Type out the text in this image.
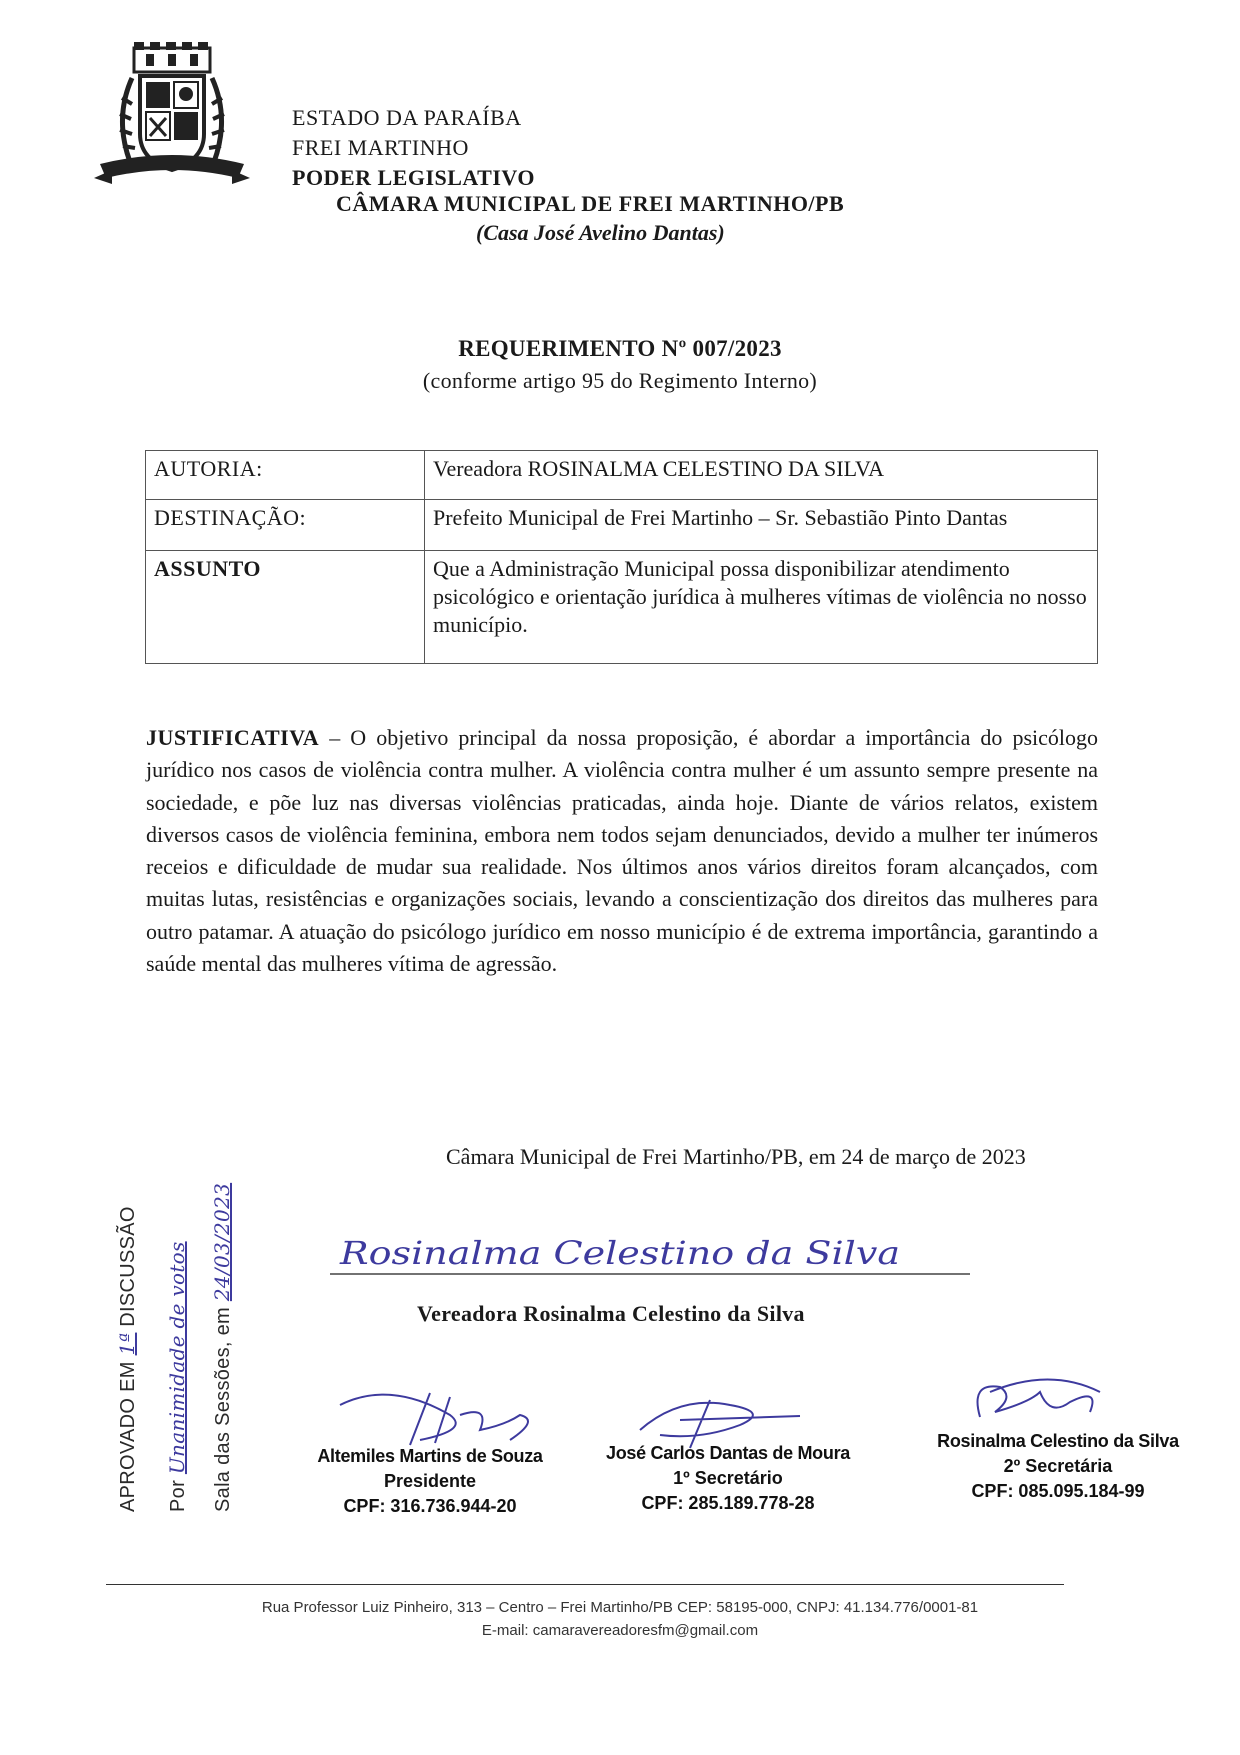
ESTADO DA PARAÍBA
FREI MARTINHO
PODER LEGISLATIVO
CÂMARA MUNICIPAL DE FREI MARTINHO/PB
(Casa José Avelino Dantas)
REQUERIMENTO Nº 007/2023
(conforme artigo 95 do Regimento Interno)
AUTORIA:	Vereadora ROSINALMA CELESTINO DA SILVA
DESTINAÇÃO:	Prefeito Municipal de Frei Martinho – Sr. Sebastião Pinto Dantas
ASSUNTO	Que a Administração Municipal possa disponibilizar atendimento psicológico e orientação jurídica à mulheres vítimas de violência no nosso município.
JUSTIFICATIVA – O objetivo principal da nossa proposição, é abordar a importância do psicólogo jurídico nos casos de violência contra mulher. A violência contra mulher é um assunto sempre presente na sociedade, e põe luz nas diversas violências praticadas, ainda hoje. Diante de vários relatos, existem diversos casos de violência feminina, embora nem todos sejam denunciados, devido a mulher ter inúmeros receios e dificuldade de mudar sua realidade. Nos últimos anos vários direitos foram alcançados, com muitas lutas, resistências e organizações sociais, levando a conscientização dos direitos das mulheres para outro patamar. A atuação do psicólogo jurídico em nosso município é de extrema importância, garantindo a saúde mental das mulheres vítima de agressão.
Câmara Municipal de Frei Martinho/PB, em 24 de março de 2023
Rosinalma Celestino da Silva
Vereadora Rosinalma Celestino da Silva
Altemiles Martins de Souza
Presidente
CPF: 316.736.944-20
José Carlos Dantas de Moura
1º Secretário
CPF: 285.189.778-28
Rosinalma Celestino da Silva
2º Secretária
CPF: 085.095.184-99
APROVADO EM 1ª DISCUSSÃO
Por Unanimidade de votos Sala das Sessões, em 24/03/2023
Rua Professor Luiz Pinheiro, 313 – Centro – Frei Martinho/PB CEP: 58195-000, CNPJ: 41.134.776/0001-81
E-mail: camaravereadoresfm@gmail.com
